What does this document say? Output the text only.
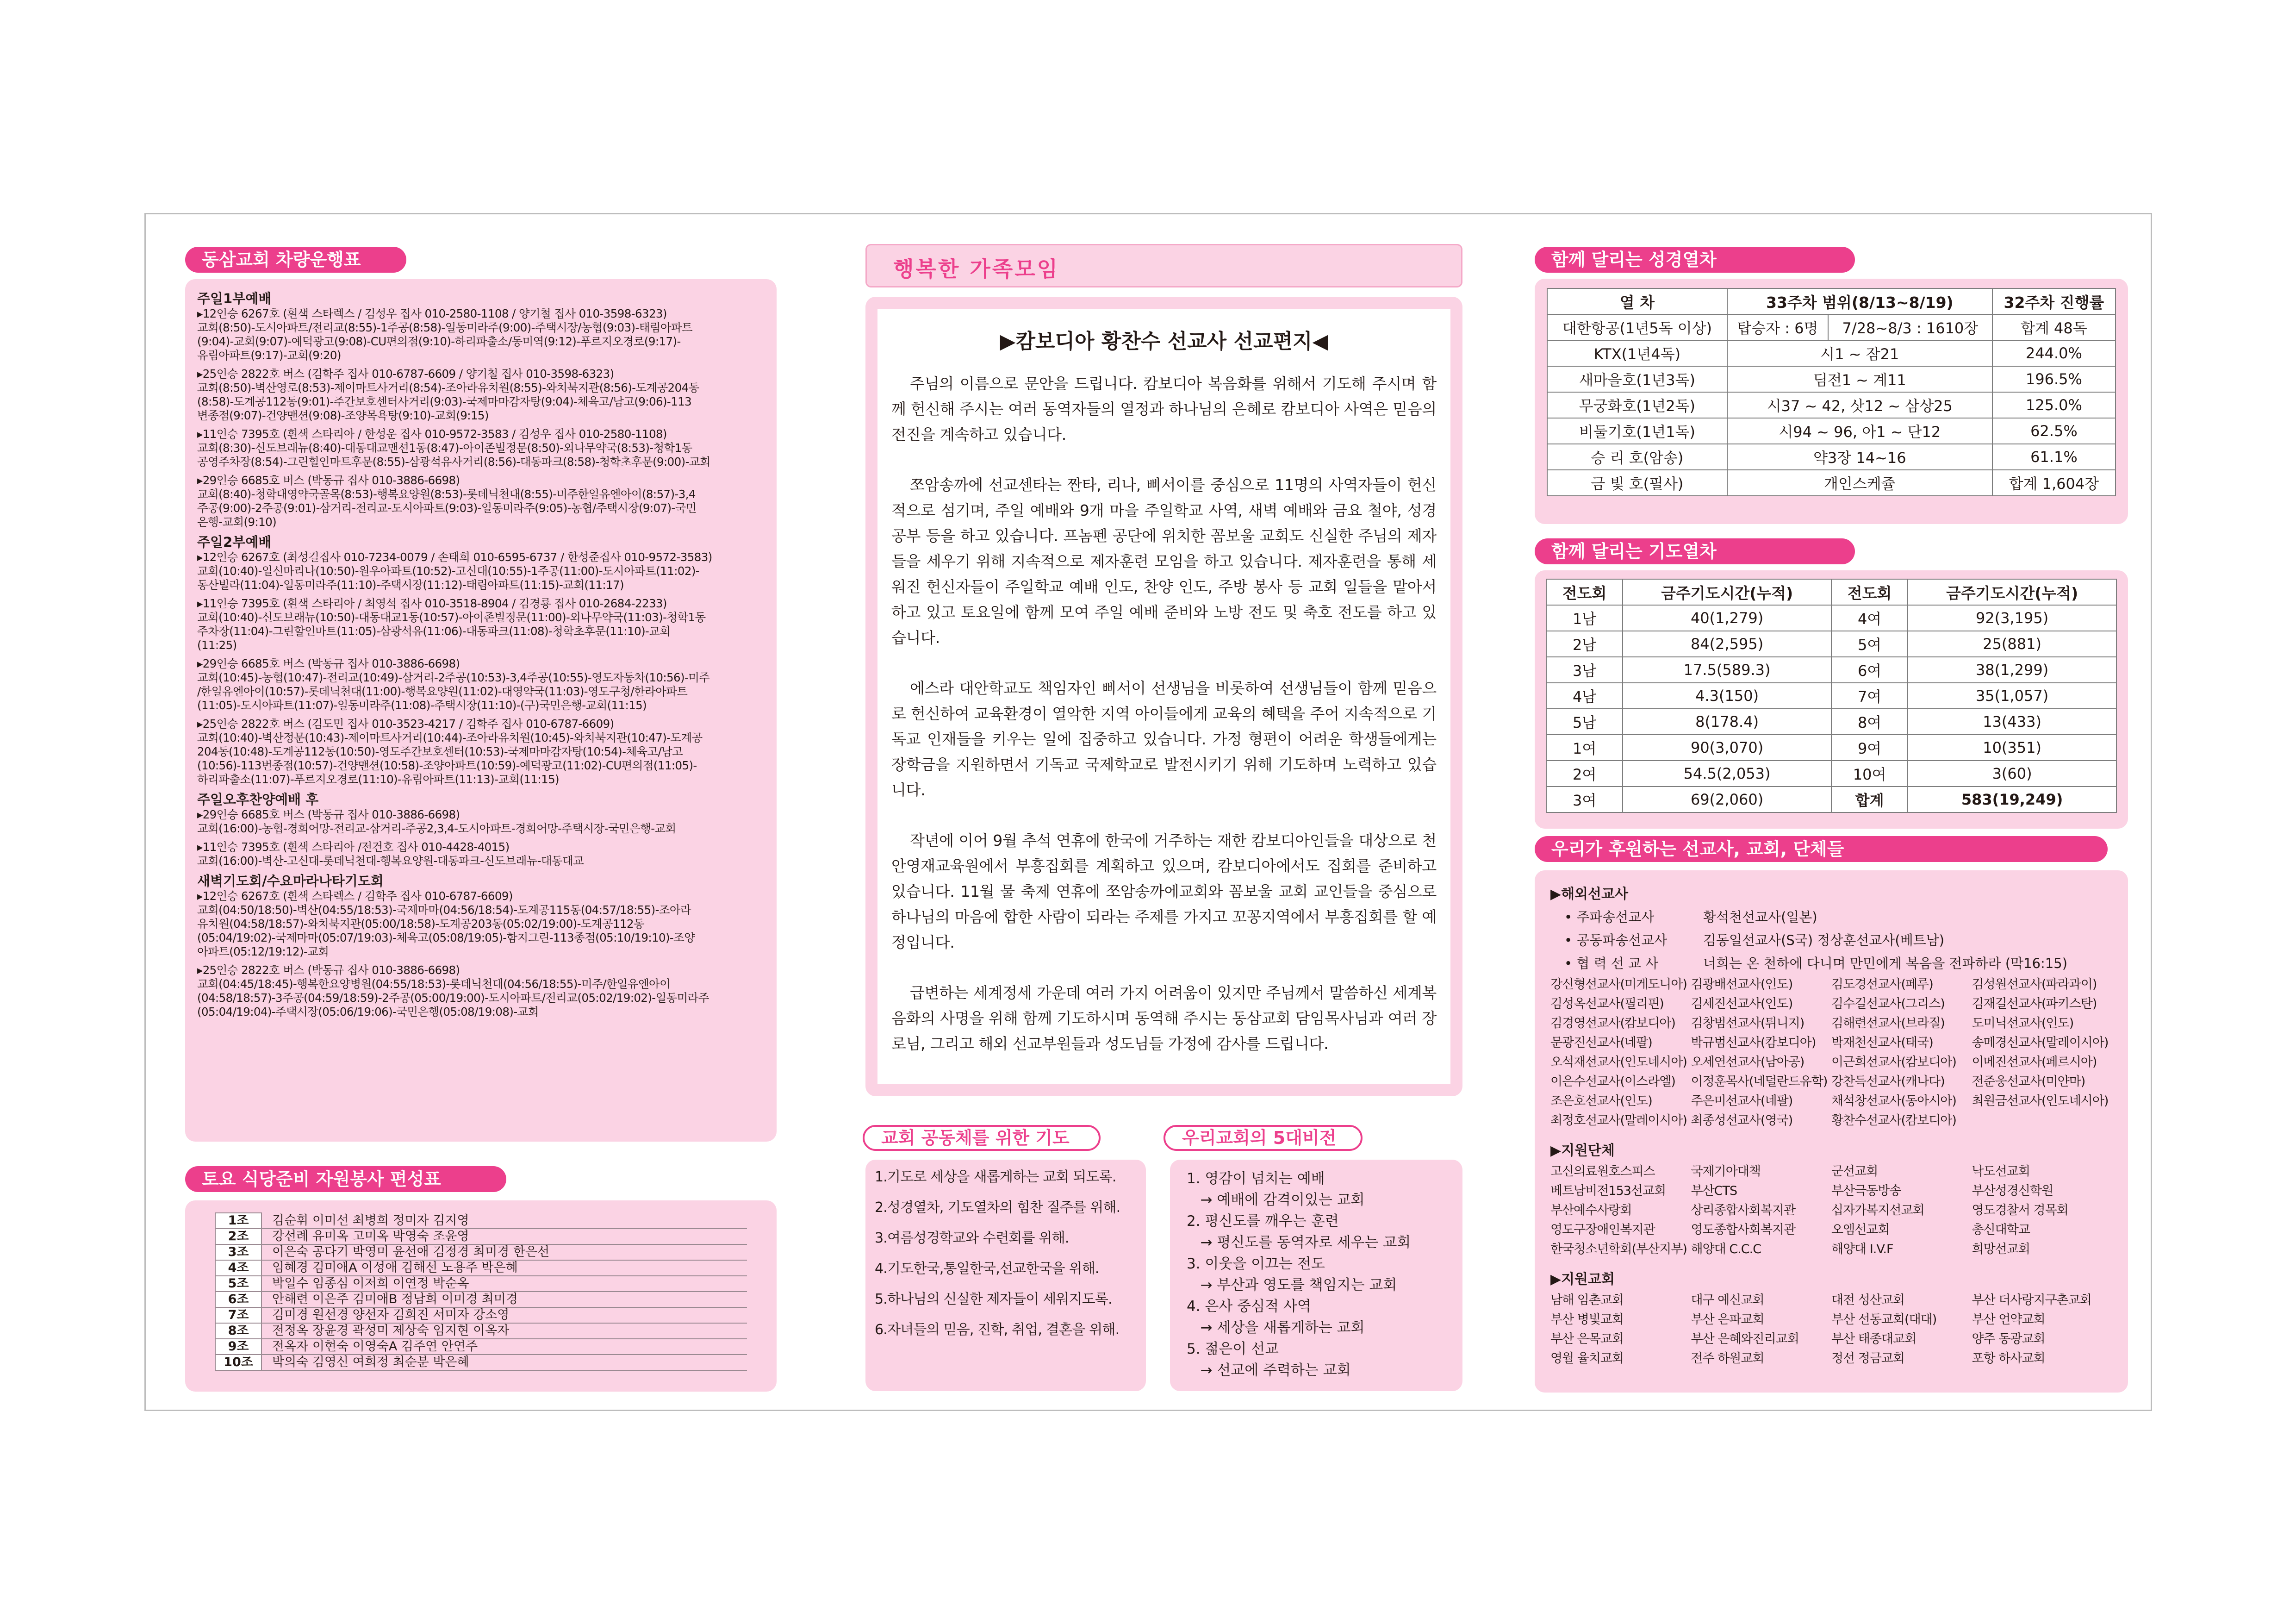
동삼교회 차량운행표
주일1부예배
▸12인승 6267호 (흰색 스타렉스 / 김성우 집사 010-2580-1108 / 양기철 집사 010-3598-6323)
교회(8:50)-도시아파트/전리교(8:55)-1주공(8:58)-일동미라주(9:00)-주택시장/농협(9:03)-태림아파트
(9:04)-교회(9:07)-예덕광고(9:08)-CU편의점(9:10)-하리파출소/동미역(9:12)-푸르지오경로(9:17)-
유림아파트(9:17)-교회(9:20)
▸25인승 2822호 버스 (김학주 집사 010-6787-6609 / 양기철 집사 010-3598-6323)
교회(8:50)-벽산영로(8:53)-제이마트사거리(8:54)-조아라유치원(8:55)-와치북지관(8:56)-도계공204동
(8:58)-도계공112동(9:01)-주간보호센터사거리(9:03)-국제마마감자탕(9:04)-체육고/남고(9:06)-113
변종점(9:07)-건양맨션(9:08)-조양목욕탕(9:10)-교회(9:15)
▸11인승 7395호 (흰색 스타리아 / 한성운 집사 010-9572-3583 / 김성우 집사 010-2580-1108)
교회(8:30)-신도브래뉴(8:40)-대동대교맨션1동(8:47)-아이존빌정문(8:50)-외나무약국(8:53)-청학1동
공영주차장(8:54)-그린힐인마트후문(8:55)-삼광석유사거리(8:56)-대동파크(8:58)-청학초후문(9:00)-교회
▸29인승 6685호 버스 (박동규 집사 010-3886-6698)
교회(8:40)-청학대영약국골목(8:53)-행복요양원(8:53)-롯데닉천대(8:55)-미주한일유엔아이(8:57)-3,4
주공(9:00)-2주공(9:01)-삼거리-전리교-도시아파트(9:03)-일동미라주(9:05)-농협/주택시장(9:07)-국민
은행-교회(9:10)
주일2부예배
▸12인승 6267호 (최성길집사 010-7234-0079 / 손태희 010-6595-6737 / 한성준집사 010-9572-3583)
교회(10:40)-일신마리나(10:50)-원우아파트(10:52)-고신대(10:55)-1주공(11:00)-도시아파트(11:02)-
동산빌라(11:04)-일동미라주(11:10)-주택시장(11:12)-태림아파트(11:15)-교회(11:17)
▸11인승 7395호 (흰색 스타리아 / 최영석 집사 010-3518-8904 / 김경룡 집사 010-2684-2233)
교회(10:40)-신도브래뉴(10:50)-대동대교1동(10:57)-아이존빌정문(11:00)-외나무약국(11:03)-청학1동
주차장(11:04)-그린할인마트(11:05)-삼광석유(11:06)-대동파크(11:08)-청학초후문(11:10)-교회
(11:25)
▸29인승 6685호 버스 (박동규 집사 010-3886-6698)
교회(10:45)-농협(10:47)-전리교(10:49)-삼거리-2주공(10:53)-3,4주공(10:55)-영도자동차(10:56)-미주
/한일유엔아이(10:57)-롯데닉천대(11:00)-행복요양원(11:02)-대영약국(11:03)-영도구청/한라아파트
(11:05)-도시아파트(11:07)-일동미라주(11:08)-주택시장(11:10)-(구)국민은행-교회(11:15)
▸25인승 2822호 버스 (김도민 집사 010-3523-4217 / 김학주 집사 010-6787-6609)
교회(10:40)-벽산정문(10:43)-제이마트사거리(10:44)-조아라유치원(10:45)-와치북지관(10:47)-도계공
204동(10:48)-도계공112동(10:50)-영도주간보호센터(10:53)-국제마마감자탕(10:54)-체육고/남고
(10:56)-113번종점(10:57)-건양맨션(10:58)-조양아파트(10:59)-예덕광고(11:02)-CU편의점(11:05)-
하리파출소(11:07)-푸르지오경로(11:10)-유림아파트(11:13)-교회(11:15)
주일오후찬양예배 후
▸29인승 6685호 버스 (박동규 집사 010-3886-6698)
교회(16:00)-농협-경희어망-전리교-삼거리-주공2,3,4-도시아파트-경희어망-주택시장-국민은행-교회
▸11인승 7395호 (흰색 스타리아 /전건호 집사 010-4428-4015)
교회(16:00)-벽산-고신대-롯데닉천대-행복요양원-대동파크-신도브래뉴-대동대교
새벽기도회/수요마라나타기도회
▸12인승 6267호 (흰색 스타렉스 / 김학주 집사 010-6787-6609)
교회(04:50/18:50)-벽산(04:55/18:53)-국제마마(04:56/18:54)-도계공115동(04:57/18:55)-조아라
유치원(04:58/18:57)-와치북지관(05:00/18:58)-도계공203동(05:02/19:00)-도계공112동
(05:04/19:02)-국제마마(05:07/19:03)-체육고(05:08/19:05)-함지그린-113종점(05:10/19:10)-조양
아파트(05:12/19:12)-교회
▸25인승 2822호 버스 (박동규 집사 010-3886-6698)
교회(04:45/18:45)-행복한요양병원(04:55/18:53)-롯데닉천대(04:56/18:55)-미주/한일유엔아이
(04:58/18:57)-3주공(04:59/18:59)-2주공(05:00/19:00)-도시아파트/전리교(05:02/19:02)-일동미라주
(05:04/19:04)-주택시장(05:06/19:06)-국민은행(05:08/19:08)-교회
토요 식당준비 자원봉사 편성표
1조	김순휘 이미선 최병희 정미자 김지영
2조	강선례 유미옥 고미옥 박영숙 조윤영
3조	이은숙 공다기 박영미 윤선애 김정경 최미경 한은선
4조	임혜경 김미애A 이성애 김해선 노용주 박은혜
5조	박일수 임종심 이저희 이연정 박순옥
6조	안해련 이은주 김미애B 정남희 이미경 최미경
7조	김미경 원선경 양선자 김희진 서미자 강소영
8조	전정옥 장윤경 곽성미 제상숙 임지현 이옥자
9조	전옥자 이현숙 이영숙A 김주연 안연주
10조	박의숙 김영신 여희정 최순분 박은혜
행복한 가족모임
▶캄보디아 황찬수 선교사 선교편지◀
주님의 이름으로 문안을 드립니다. 캄보디아 복음화를 위해서 기도해 주시며 함께 헌신해 주시는 여러 동역자들의 열정과 하나님의 은혜로 캄보디아 사역은 믿음의 전진을 계속하고 있습니다.
쪼암송까에 선교센타는 짠타, 리나, 삐서이를 중심으로 11명의 사역자들이 헌신적으로 섬기며, 주일 예배와 9개 마을 주일학교 사역, 새벽 예배와 금요 철야, 성경 공부 등을 하고 있습니다. 프놈펜 공단에 위치한 꼼보울 교회도 신실한 주님의 제자들을 세우기 위해 지속적으로 제자훈련 모임을 하고 있습니다. 제자훈련을 통해 세워진 헌신자들이 주일학교 예배 인도, 찬양 인도, 주방 봉사 등 교회 일들을 맡아서 하고 있고 토요일에 함께 모여 주일 예배 준비와 노방 전도 및 축호 전도를 하고 있습니다.
에스라 대안학교도 책임자인 삐서이 선생님을 비롯하여 선생님들이 함께 믿음으로 헌신하여 교육환경이 열악한 지역 아이들에게 교육의 혜택을 주어 지속적으로 기독교 인재들을 키우는 일에 집중하고 있습니다. 가정 형편이 어려운 학생들에게는 장학금을 지원하면서 기독교 국제학교로 발전시키기 위해 기도하며 노력하고 있습니다.
작년에 이어 9월 추석 연휴에 한국에 거주하는 재한 캄보디아인들을 대상으로 천안영재교육원에서 부흥집회를 계획하고 있으며, 캄보디아에서도 집회를 준비하고 있습니다. 11월 물 축제 연휴에 쪼암송까에교회와 꼼보울 교회 교인들을 중심으로 하나님의 마음에 합한 사람이 되라는 주제를 가지고 꼬꽁지역에서 부흥집회를 할 예정입니다.
급변하는 세계정세 가운데 여러 가지 어려움이 있지만 주님께서 말씀하신 세계복음화의 사명을 위해 함께 기도하시며 동역해 주시는 동삼교회 담임목사님과 여러 장로님, 그리고 해외 선교부원들과 성도님들 가정에 감사를 드립니다.
교회 공동체를 위한 기도
1.기도로 세상을 새롭게하는 교회 되도록.
2.성경열차, 기도열차의 힘찬 질주를 위해.
3.여름성경학교와 수련회를 위해.
4.기도한국,통일한국,선교한국을 위해.
5.하나님의 신실한 제자들이 세워지도록.
6.자녀들의 믿음, 진학, 취업, 결혼을 위해.
우리교회의 5대비전
1. 영감이 넘치는 예배
→ 예배에 감격이있는 교회
2. 평신도를 깨우는 훈련
→ 평신도를 동역자로 세우는 교회
3. 이웃을 이끄는 전도
→ 부산과 영도를 책임지는 교회
4. 은사 중심적 사역
→ 세상을 새롭게하는 교회
5. 젊은이 선교
→ 선교에 주력하는 교회
함께 달리는 성경열차
열 차	33주차 범위(8/13~8/19)		32주차 진행률
대한항공(1년5독 이상)	탑승자 : 6명	7/28~8/3 : 1610장	합계 48독
KTX(1년4독)	시1 ~ 잠21		244.0%
새마을호(1년3독)	딤전1 ~ 계11		196.5%
무궁화호(1년2독)	시37 ~ 42, 삿12 ~ 삼상25		125.0%
비둘기호(1년1독)	시94 ~ 96, 아1 ~ 단12		62.5%
승 리 호(암송)	약3장 14~16		61.1%
금 빛 호(필사)	개인스케쥴		합계 1,604장
함께 달리는 기도열차
전도회	금주기도시간(누적)	전도회	금주기도시간(누적)
1남	40(1,279)	4여	92(3,195)
2남	84(2,595)	5여	25(881)
3남	17.5(589.3)	6여	38(1,299)
4남	4.3(150)	7여	35(1,057)
5남	8(178.4)	8여	13(433)
1여	90(3,070)	9여	10(351)
2여	54.5(2,053)	10여	3(60)
3여	69(2,060)	합계	583(19,249)
우리가 후원하는 선교사, 교회, 단체들
▶해외선교사
• 주파송선교사	황석천선교사(일본)
• 공동파송선교사	김동일선교사(S국) 정상훈선교사(베트남)
• 협 력 선 교 사	너희는 온 천하에 다니며 만민에게 복음을 전파하라 (막16:15)
강신형선교사(미게도니아) 김광배선교사(인도)	김도경선교사(페루)	김성원선교사(파라과이)
김성옥선교사(필리핀)	김세진선교사(인도)	김수길선교사(그리스)	김재길선교사(파키스탄)
김경영선교사(캄보디아)	김창범선교사(튀니지)	김해련선교사(브라질)	도미닉선교사(인도)
문광진선교사(네팔)	박규범선교사(캄보디아)	박재천선교사(태국)	송메경선교사(말레이시아)
오석재선교사(인도네시아) 오세연선교사(남아공)	이근희선교사(캄보디아)	이메진선교사(페르시아)
이은수선교사(이스라엘)	이정훈목사(네덜란드유학) 강찬득선교사(캐나다)	전준웅선교사(미얀마)
조은호선교사(인도)	주은미선교사(네팔)	채석창선교사(동아시아)	최원금선교사(인도네시아)
최정호선교사(말레이시아) 최종성선교사(영국)	황찬수선교사(캄보디아)
▶지원단체
고신의료원호스피스	국제기아대책	군선교회	낙도선교회
베트남비전153선교회	부산CTS	부산극동방송	부산성경신학원
부산예수사랑회	상리종합사회복지관	십자가복지선교회	영도경찰서 경목회
영도구장애인복지관	영도종합사회복지관	오엠선교회	총신대학교
한국청소년학회(부산지부) 해양대 C.C.C	해양대 I.V.F	희망선교회
▶지원교회
남해 임촌교회	대구 예신교회	대전 성산교회	부산 더사랑지구촌교회
부산 병빛교회	부산 은파교회	부산 선동교회(대대)	부산 언약교회
부산 은목교회	부산 은혜와진리교회	부산 태종대교회	양주 동광교회
영월 율치교회	전주 하원교회	정선 정금교회	포항 하사교회
